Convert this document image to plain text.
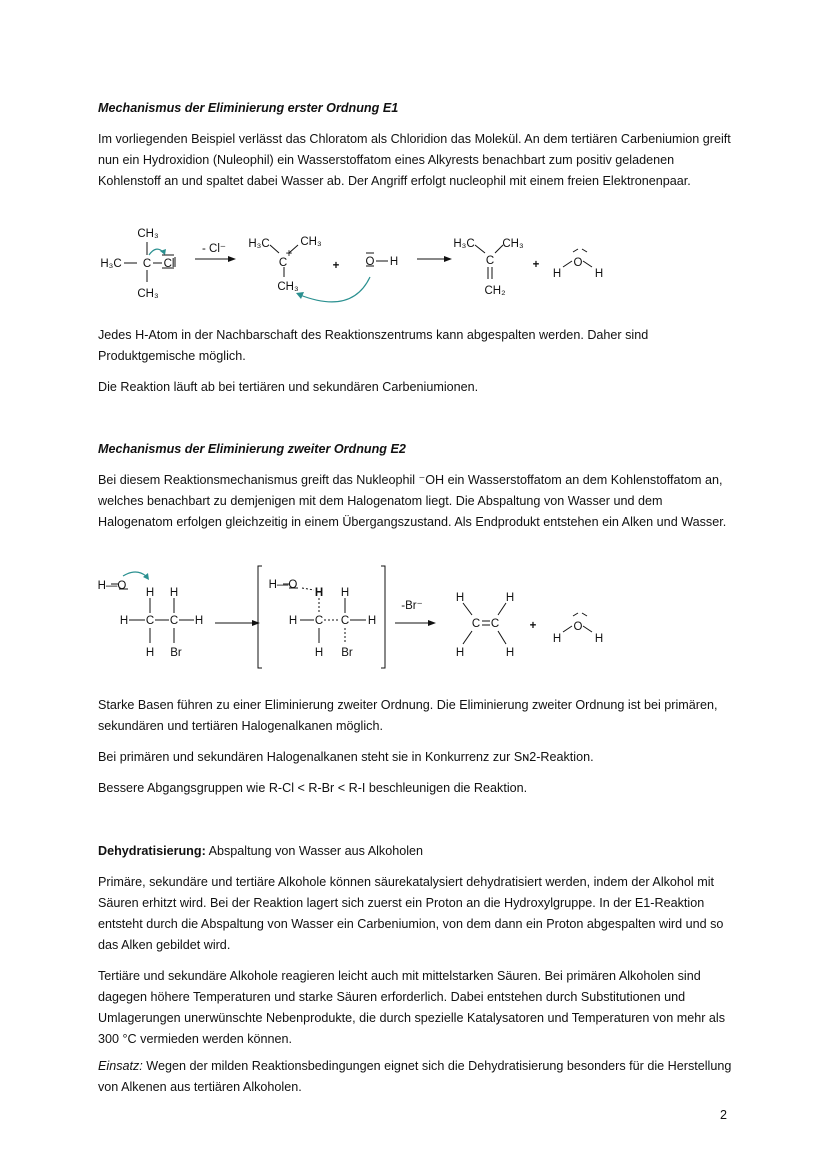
Mechanismus der Eliminierung erster Ordnung E1

Im vorliegenden Beispiel verlässt das Chloratom als Chloridion das Molekül. An dem tertiären Carbeniumion greift nun ein Hydroxidion (Nuleophil) ein Wasserstoffatom eines Alkyrests benachbart zum positiv geladenen Kohlenstoff an und spaltet dabei Wasser ab. Der Angriff erfolgt nucleophil mit einem freien Elektronenpaar.

CH₃
H₃C C Cl
CH₃
- Cl⁻ H₃C	CH₃
C
+
CH₃
+ O H
H₃C CH₃
C
CH₂
+
H
O
H

Jedes H-Atom in der Nachbarschaft des Reaktionszentrums kann abgespalten werden. Daher sind Produktgemische möglich.

Die Reaktion läuft ab bei tertiären und sekundären Carbeniumionen.

Mechanismus der Eliminierung zweiter Ordnung E2

Bei diesem Reaktionsmechanismus greift das Nukleophil ⁻OH ein Wasserstoffatom an dem Kohlenstoffatom an, welches benachbart zu demjenigen mit dem Halogenatom liegt. Die Abspaltung von Wasser und dem Halogenatom erfolgen gleichzeitig in einem Übergangszustand. Als Endprodukt entstehen ein Alken und Wasser.

H—O
H H
H C C H
H Br
H—O
H H
H C C H
H Br
-Br⁻
H	H
C C
H	H
+
H
O
H

Starke Basen führen zu einer Eliminierung zweiter Ordnung. Die Eliminierung zweiter Ordnung ist bei primären, sekundären und tertiären Halogenalkanen möglich.

Bei primären und sekundären Halogenalkanen steht sie in Konkurrenz zur Sɴ2-Reaktion.

Bessere Abgangsgruppen wie R-Cl < R-Br < R-I beschleunigen die Reaktion.

Dehydratisierung: Abspaltung von Wasser aus Alkoholen

Primäre, sekundäre und tertiäre Alkohole können säurekatalysiert dehydratisiert werden, indem der Alkohol mit Säuren erhitzt wird. Bei der Reaktion lagert sich zuerst ein Proton an die Hydroxylgruppe. In der E1-Reaktion entsteht durch die Abspaltung von Wasser ein Carbeniumion, von dem dann ein Proton abgespalten wird und so das Alken gebildet wird.

Tertiäre und sekundäre Alkohole reagieren leicht auch mit mittelstarken Säuren. Bei primären Alkoholen sind dagegen höhere Temperaturen und starke Säuren erforderlich. Dabei entstehen durch Substitutionen und Umlagerungen unerwünschte Nebenprodukte, die durch spezielle Katalysatoren und Temperaturen von mehr als 300 °C vermieden werden können.

Einsatz: Wegen der milden Reaktionsbedingungen eignet sich die Dehydratisierung besonders für die Herstellung von Alkenen aus tertiären Alkoholen.

2
